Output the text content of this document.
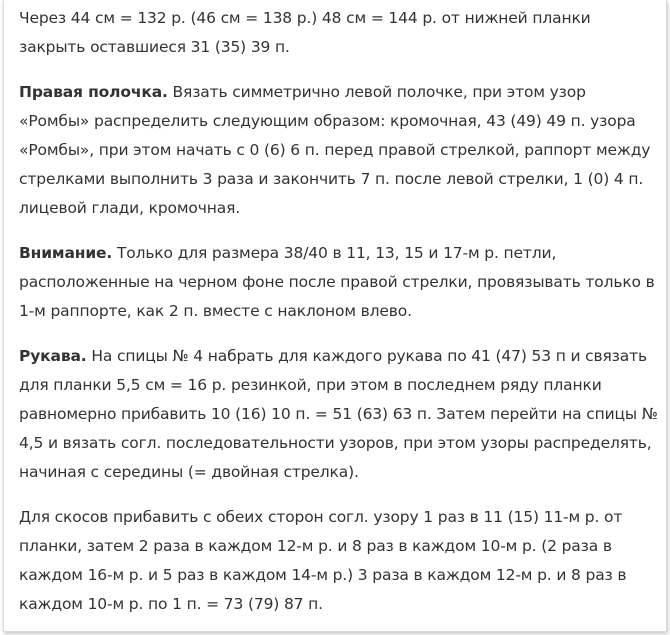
Через 44 см = 132 р. (46 см = 138 р.) 48 см = 144 р. от нижней планки закрыть оставшиеся 31 (35) 39 п.

Правая полочка. Вязать симметрично левой полочке, при этом узор «Ромбы» распределить следующим образом: кромочная, 43 (49) 49 п. узора «Ромбы», при этом начать с 0 (6) 6 п. перед правой стрелкой, раппорт между стрелками выполнить 3 раза и закончить 7 п. после левой стрелки, 1 (0) 4 п. лицевой глади, кромочная.

Внимание. Только для размера 38/40 в 11, 13, 15 и 17-м р. петли, расположенные на черном фоне после правой стрелки, провязывать только в 1-м раппорте, как 2 п. вместе с наклоном влево.

Рукава. На спицы № 4 набрать для каждого рукава по 41 (47) 53 п и связать для планки 5,5 см = 16 р. резинкой, при этом в последнем ряду планки равномерно прибавить 10 (16) 10 п. = 51 (63) 63 п. Затем перейти на спицы № 4,5 и вязать согл. последовательности узоров, при этом узоры распределять, начиная с середины (= двойная стрелка).

Для скосов прибавить с обеих сторон согл. узору 1 раз в 11 (15) 11-м р. от планки, затем 2 раза в каждом 12-м р. и 8 раз в каждом 10-м р. (2 раза в каждом 16-м р. и 5 раз в каждом 14-м р.) 3 раза в каждом 12-м р. и 8 раз в каждом 10-м р. по 1 п. = 73 (79) 87 п.
